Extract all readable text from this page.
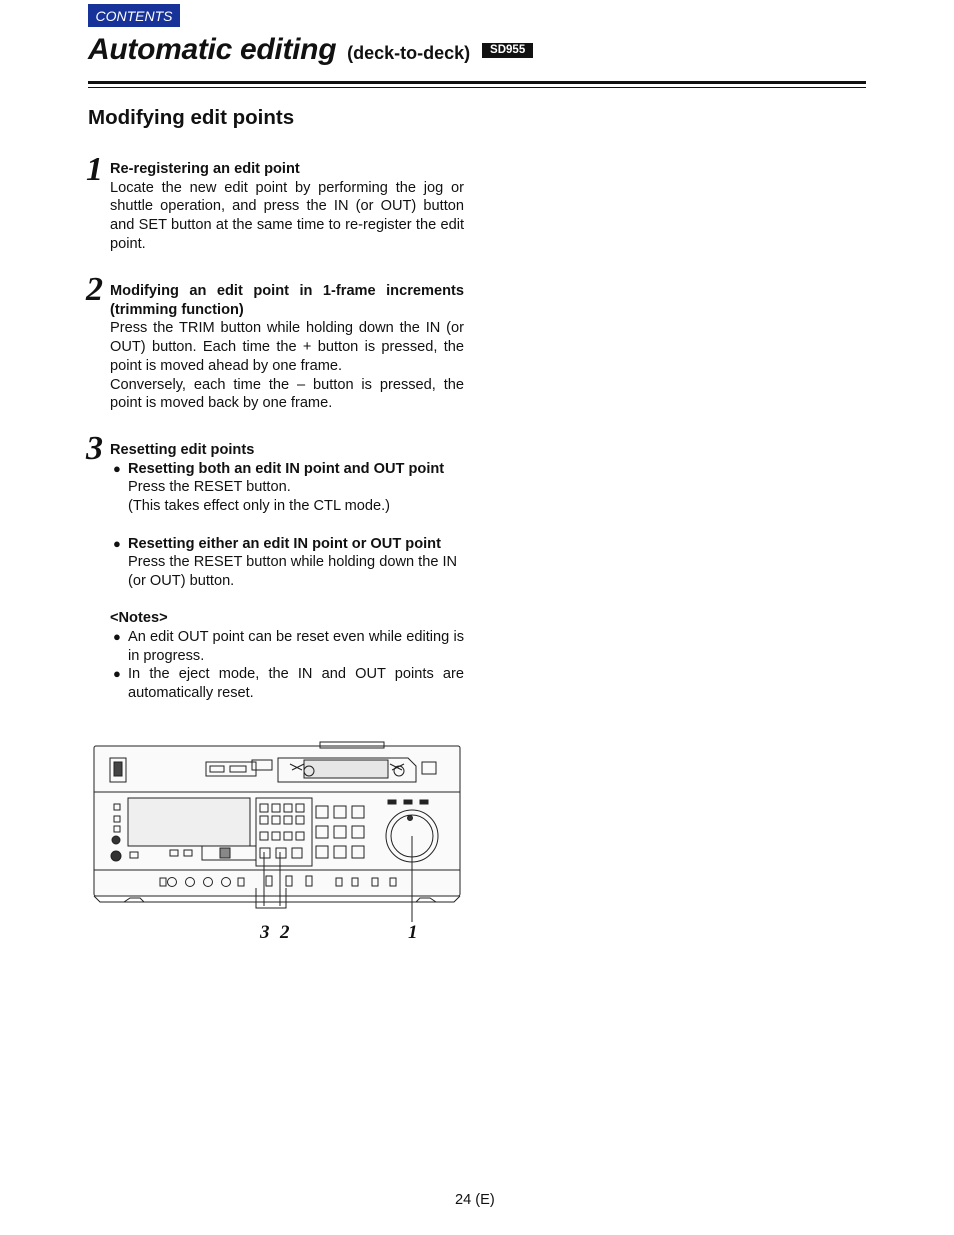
CONTENTS
Automatic editing (deck-to-deck) SD955
Modifying edit points
1 Re-registering an edit point
Locate the new edit point by performing the jog or shuttle operation, and press the IN (or OUT) button and SET button at the same time to re-register the edit point.
2 Modifying an edit point in 1-frame increments (trimming function)
Press the TRIM button while holding down the IN (or OUT) button. Each time the + button is pressed, the point is moved ahead by one frame.
Conversely, each time the – button is pressed, the point is moved back by one frame.
3 Resetting edit points
● Resetting both an edit IN point and OUT point
Press the RESET button.
(This takes effect only in the CTL mode.)
● Resetting either an edit IN point or OUT point
Press the RESET button while holding down the IN (or OUT) button.
<Notes>
● An edit OUT point can be reset even while editing is in progress.
● In the eject mode, the IN and OUT points are automatically reset.
3 2	1
24 (E)
